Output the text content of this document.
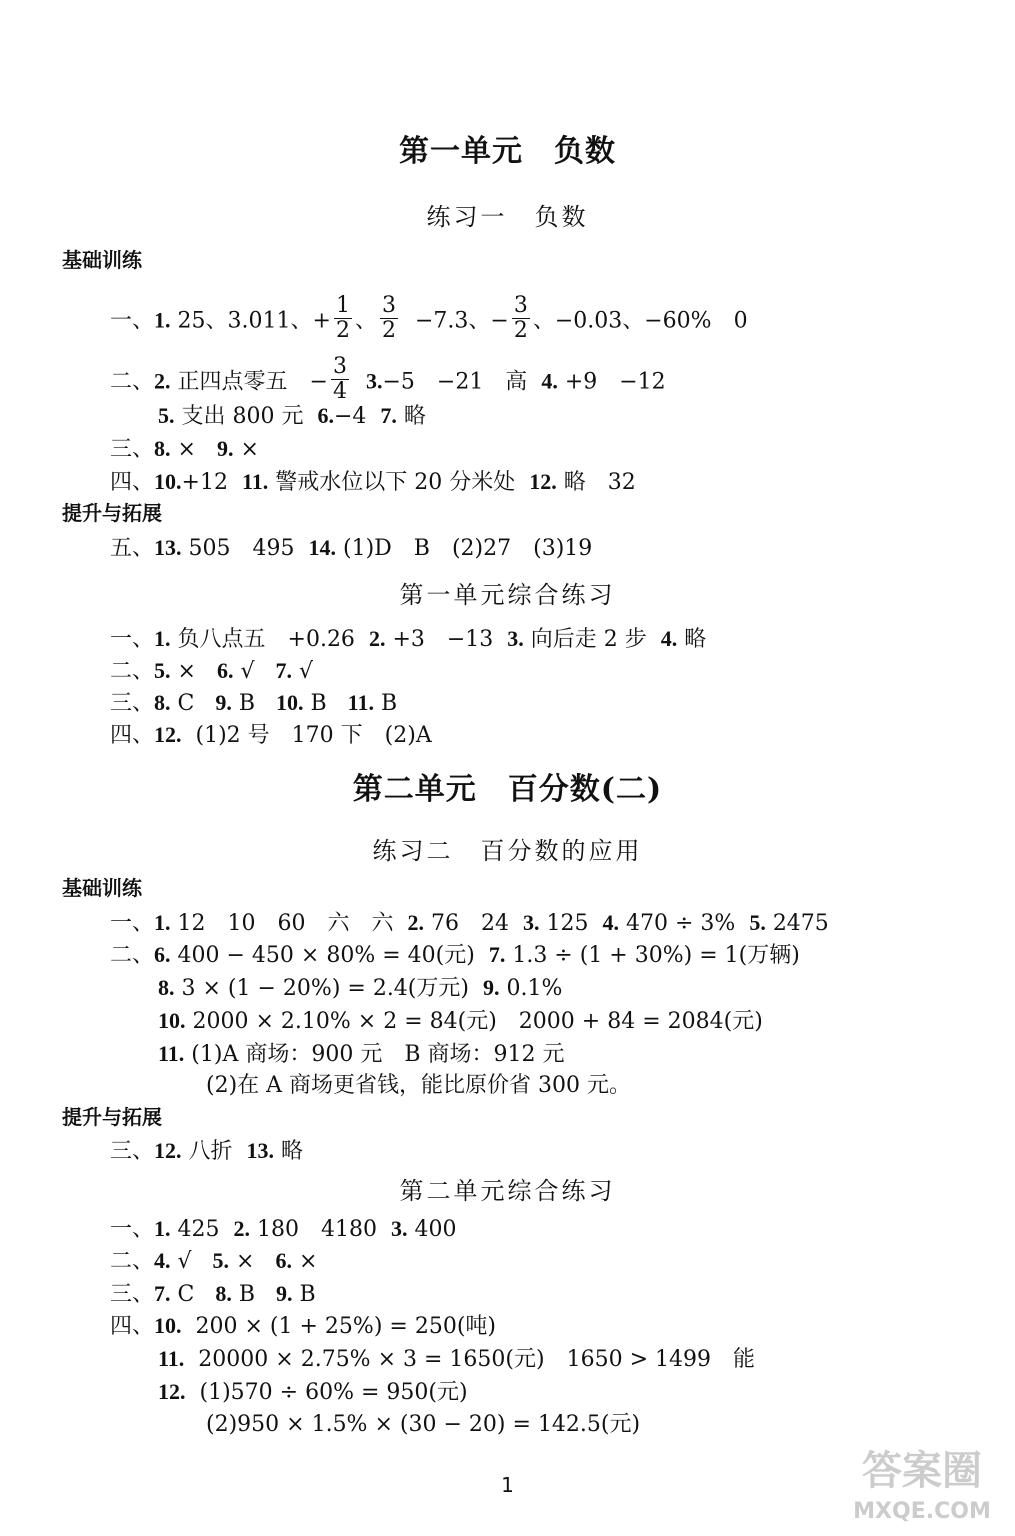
第一单元　负数
练习一　负数
基础训练
一、1. 25、3.011、+ $\frac{1}{2}$ 、 $\frac{3}{2} -7.3$、− $\frac{3}{2}$ 、−0.03、−60%　0
二、2. 正四点零五　− $\frac{3}{4} 3.-5$　−21　高 4. +9　−12
5. 支出 800 元 6.−4 7. 略
三、8. × 9. ×
四、10.+12 11. 警戒水位以下 20 分米处 12. 略　32
提升与拓展
五、13. 505　495 14. (1)D　B　(2)27　(3)19
第一单元综合练习
一、1. 负八点五　+0.26 2. +3　−13 3. 向后走 2 步 4. 略
二、5. × 6. √ 7. √
三、8. C 9. B 10. B 11. B
四、12. (1)2 号　170 下　(2)A
第二单元　百分数(二)
练习二　百分数的应用
基础训练
一、1. 12　10　60　六　六 2. 76　24 3. 125 4. 470 ÷ 3% 5. 2475
二、6. 400 − 450 × 80% = 40(元) 7. 1.3 ÷ (1 + 30%) = 1(万辆)
8. 3 × (1 − 20%) = 2.4(万元) 9. 0.1%
10. 2000 × 2.10% × 2 = 84(元)　2000 + 84 = 2084(元)
11. (1)A 商场：900 元　B 商场：912 元
(2)在 A 商场更省钱，能比原价省 300 元。
提升与拓展
三、12. 八折 13. 略
第二单元综合练习
一、1. 425 2. 180　4180 3. 400
二、4. √ 5. × 6. ×
三、7. C 8. B 9. B
四、10. 200 × (1 + 25%) = 250(吨)
11. 20000 × 2.75% × 3 = 1650(元)　1650 > 1499　能
12. (1)570 ÷ 60% = 950(元)
(2)950 × 1.5% × (30 − 20) = 142.5(元)
1	答案圈
MXQE.COM
